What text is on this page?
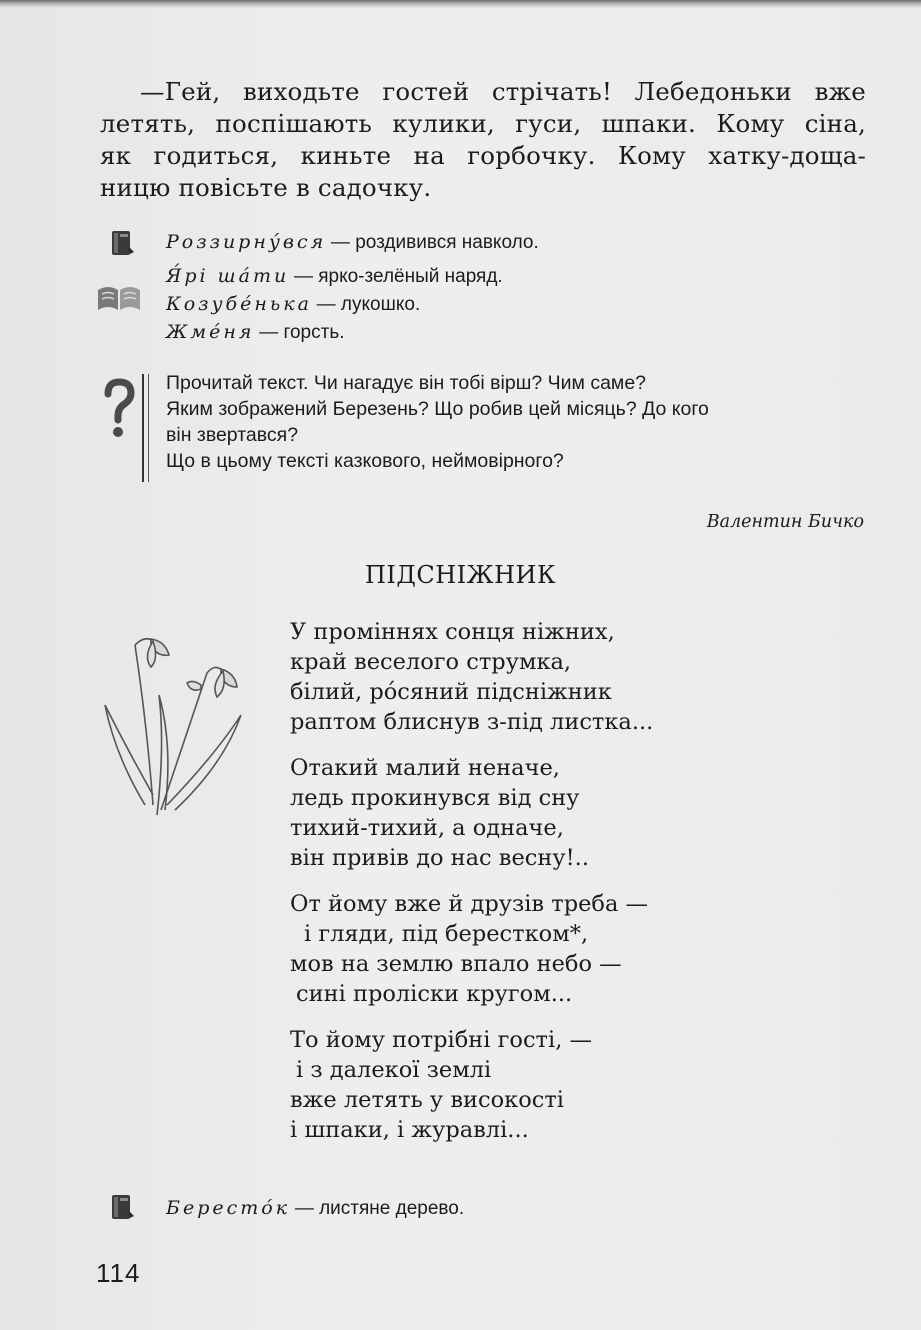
—Гей, виходьте гостей стрічать! Лебедоньки вже
летять, поспішають кулики, гуси, шпаки. Кому сіна,
як годиться, киньте на горбочку. Кому хатку-доща-
ницю повісьте в садочку.
Роззирну́вся — роздивився навколо.
Я́рі ша́ти — ярко-зелёный наряд.
Козубе́нька — лукошко.
Жме́ня — горсть.
Прочитай текст. Чи нагадує він тобі вірш? Чим саме?
Яким зображений Березень? Що робив цей місяць? До кого
він звертався?
Що в цьому тексті казкового, неймовірного?
Валентин Бичко
ПІДСНІЖНИК
У проміннях сонця ніжних,
край веселого струмка,
білий, ро́сяний підсніжник
раптом блиснув з-під листка...
Отакий малий неначе,
ледь прокинувся від сну
тихий-тихий, а одначе,
він привів до нас весну!..
От йому вже й друзів треба —
і гляди, під берестком*,
мов на землю впало небо —
сині проліски кругом...
То йому потрібні гості, —
і з далекої землі
вже летять у високості
і шпаки, і журавлі...
Бересто́к — листяне дерево.
114
